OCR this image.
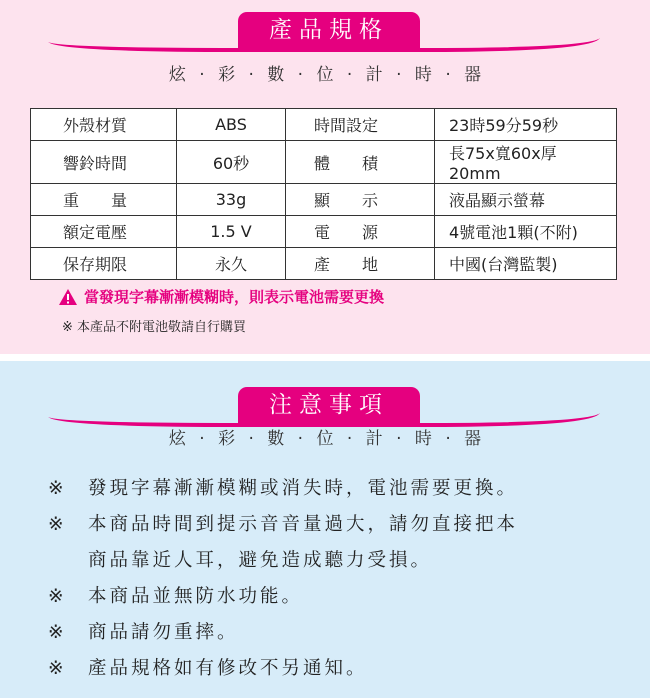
產品規格
炫 · 彩 · 數 · 位 · 計 · 時 · 器
外殼材質	ABS	時間設定	23時59分59秒
響鈴時間	60秒	體　　積	長75x寬60x厚20mm
重　　量	33g	顯　　示	液晶顯示螢幕
額定電壓	1.5 V	電　　源	4號電池1顆(不附)
保存期限	永久	產　　地	中國(台灣監製)
當發現字幕漸漸模糊時，則表示電池需要更換
※ 本產品不附電池敬請自行購買
注意事項
炫 · 彩 · 數 · 位 · 計 · 時 · 器
※	發現字幕漸漸模糊或消失時，電池需要更換。
※	本商品時間到提示音音量過大，請勿直接把本
商品靠近人耳，避免造成聽力受損。
※	本商品並無防水功能。
※	商品請勿重摔。
※	產品規格如有修改不另通知。
